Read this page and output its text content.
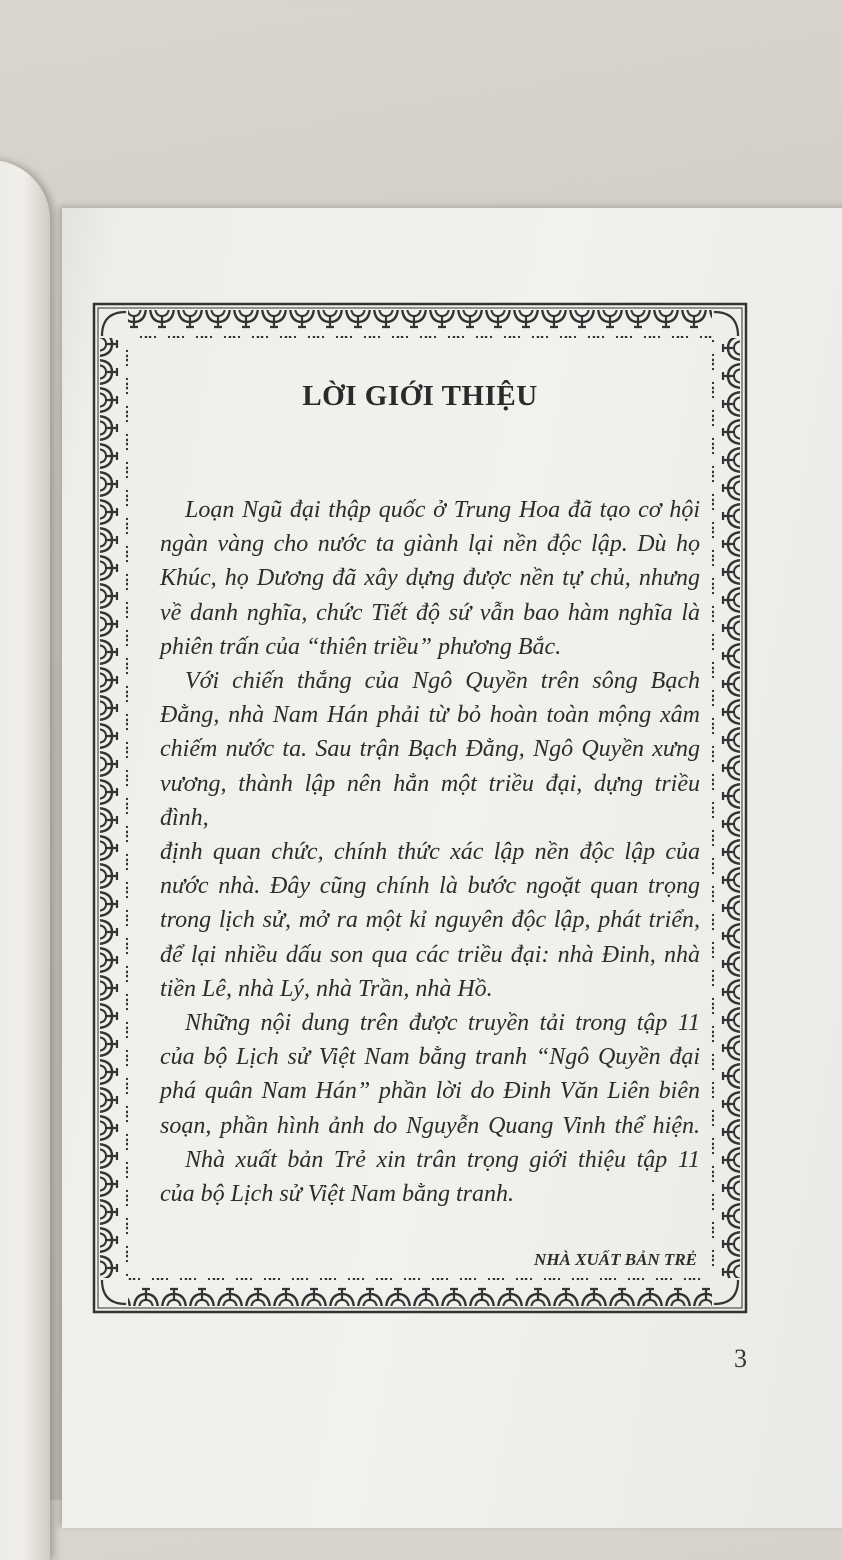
LỜI GIỚI THIỆU
Loạn Ngũ đại thập quốc ở Trung Hoa đã tạo cơ hội
ngàn vàng cho nước ta giành lại nền độc lập. Dù họ
Khúc, họ Dương đã xây dựng được nền tự chủ, nhưng
về danh nghĩa, chức Tiết độ sứ vẫn bao hàm nghĩa là
phiên trấn của “thiên triều” phương Bắc.
Với chiến thắng của Ngô Quyền trên sông Bạch
Đằng, nhà Nam Hán phải từ bỏ hoàn toàn mộng xâm
chiếm nước ta. Sau trận Bạch Đằng, Ngô Quyền xưng
vương, thành lập nên hẳn một triều đại, dựng triều đình,
định quan chức, chính thức xác lập nền độc lập của
nước nhà. Đây cũng chính là bước ngoặt quan trọng
trong lịch sử, mở ra một kỉ nguyên độc lập, phát triển,
để lại nhiều dấu son qua các triều đại: nhà Đinh, nhà
tiền Lê, nhà Lý, nhà Trần, nhà Hồ.
Những nội dung trên được truyền tải trong tập 11
của bộ Lịch sử Việt Nam bằng tranh “Ngô Quyền đại
phá quân Nam Hán” phần lời do Đinh Văn Liên biên
soạn, phần hình ảnh do Nguyễn Quang Vinh thể hiện.
Nhà xuất bản Trẻ xin trân trọng giới thiệu tập 11
của bộ Lịch sử Việt Nam bằng tranh.
NHÀ XUẤT BẢN TRẺ
3
